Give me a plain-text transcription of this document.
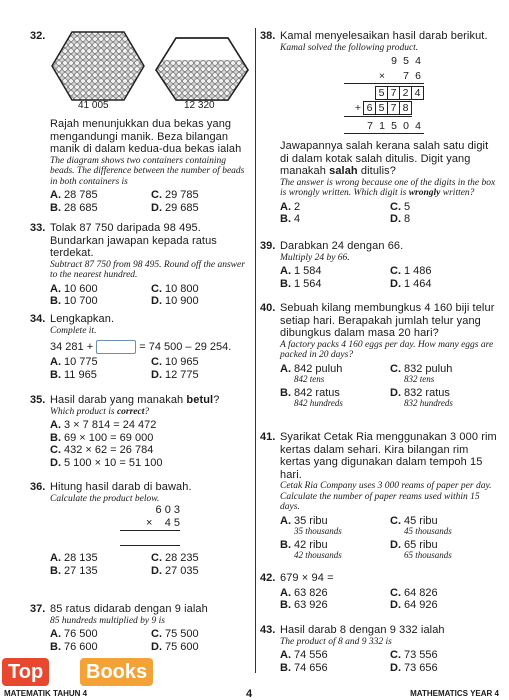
32.
41 005	12 320
Rajah menunjukkan dua bekas yang mengandungi manik. Beza bilangan manik di dalam kedua-dua bekas ialah
The diagram shows two containers containing beads. The difference between the number of beads in both containers is
A. 28 785	C. 29 785
B. 28 685	D. 29 685
33. Tolak 87 750 daripada 98 495. Bundarkan jawapan kepada ratus terdekat.
Subtract 87 750 from 98 495. Round off the answer to the nearest hundred.
A. 10 600	C. 10 800
B. 10 700	D. 10 900
34. Lengkapkan.
Complete it.
34 281 +	= 74 500 – 29 254.
A. 10 775	C. 10 965
B. 11 965	D. 12 775
35. Hasil darab yang manakah betul?
Which product is correct?
A. 3 × 7 814 = 24 472
B. 69 × 100 = 69 000
C. 432 × 62 = 26 784
D. 5 100 × 10 = 51 100
36. Hitung hasil darab di bawah.
Calculate the product below.
6 0 3
×    4 5
A. 28 135	C. 28 235
B. 27 135	D. 27 035
37. 85 ratus didarab dengan 9 ialah
85 hundreds multiplied by 9 is
A. 76 500	C. 75 500
B. 76 600	D. 75 600
38. Kamal menyelesaikan hasil darab berikut.
Kamal solved the following product.
9 5 4
× 7 6
5 7 2 4
+ 6 5 7 8
7 1 5 0 4
Jawapannya salah kerana salah satu digit di dalam kotak salah ditulis. Digit yang manakah salah ditulis?
The answer is wrong because one of the digits in the box is wrongly written. Which digit is wrongly written?
A. 2	C. 5
B. 4	D. 8
39. Darabkan 24 dengan 66.
Multiply 24 by 66.
A. 1 584	C. 1 486
B. 1 564	D. 1 464
40. Sebuah kilang membungkus 4 160 biji telur setiap hari. Berapakah jumlah telur yang dibungkus dalam masa 20 hari?
A factory packs 4 160 eggs per day. How many eggs are packed in 20 days?
A. 842 puluh
842 tens
C. 832 puluh
832 tens
B. 842 ratus
842 hundreds
D. 832 ratus
832 hundreds
41. Syarikat Cetak Ria menggunakan 3 000 rim kertas dalam sehari. Kira bilangan rim kertas yang digunakan dalam tempoh 15 hari.
Cetak Ria Company uses 3 000 reams of paper per day. Calculate the number of paper reams used within 15 days.
A. 35 ribu
35 thousands
C. 45 ribu
45 thousands
B. 42 ribu
42 thousands
D. 65 ribu
65 thousands
42. 679 × 94 =
A. 63 826	C. 64 826
B. 63 926	D. 64 926
43. Hasil darab 8 dengan 9 332 ialah
The product of 8 and 9 332 is
A. 74 556	C. 73 556
B. 74 656	D. 73 656
Top	Books
MATEMATIK TAHUN 4	4	MATHEMATICS YEAR 4
